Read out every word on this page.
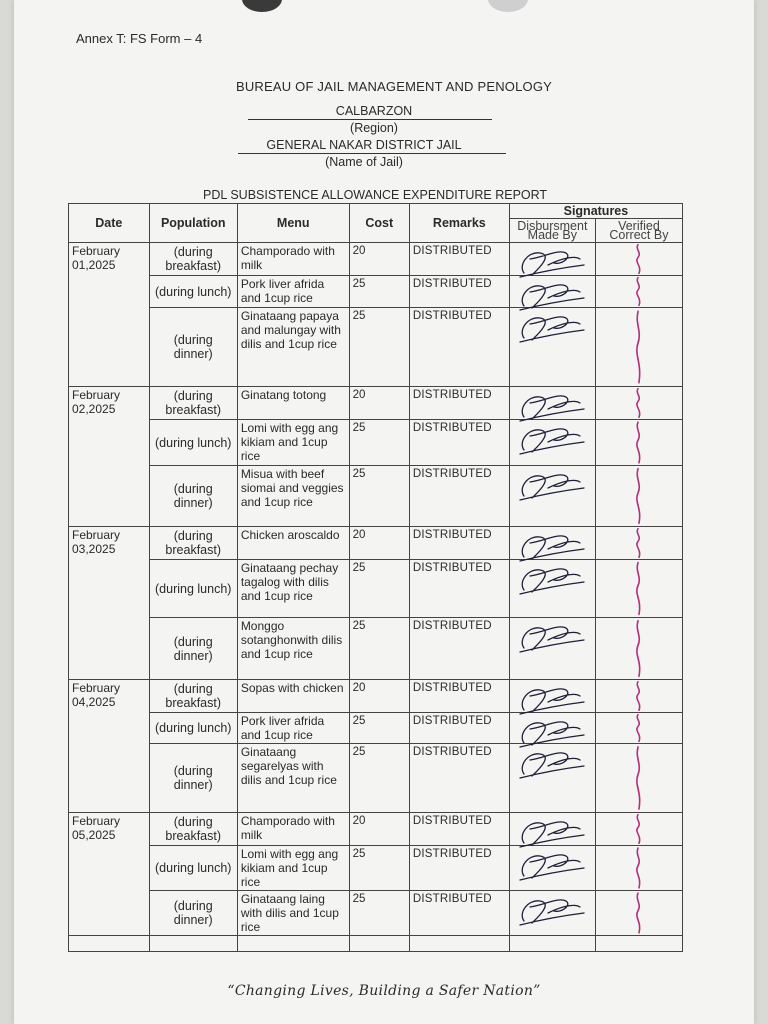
Annex T: FS Form – 4
BUREAU OF JAIL MANAGEMENT AND PENOLOGY
CALBARZON
(Region)
GENERAL NAKAR DISTRICT JAIL
(Name of Jail)
PDL SUBSISTENCE ALLOWANCE EXPENDITURE REPORT
Date	Population	Menu	Cost	Remarks	Signatures	
					Disbursment Made By	Verified Correct By
February 01,2025	(during breakfast)	Champorado with milk	20	DISTRIBUTED	

	(during lunch)	Pork liver afrida and 1cup rice	25	DISTRIBUTED	

	(during dinner)	Ginataang papaya and malungay with dilis and 1cup rice	25	DISTRIBUTED	

February 02,2025	(during breakfast)	Ginatang totong	20	DISTRIBUTED	

	(during lunch)	Lomi with egg ang kikiam and 1cup rice	25	DISTRIBUTED	

	(during dinner)	Misua with beef siomai and veggies and 1cup rice	25	DISTRIBUTED	

February 03,2025	(during breakfast)	Chicken aroscaldo	20	DISTRIBUTED	

	(during lunch)	Ginataang pechay tagalog with dilis and 1cup rice	25	DISTRIBUTED	

	(during dinner)	Monggo sotanghonwith dilis and 1cup rice	25	DISTRIBUTED	

February 04,2025	(during breakfast)	Sopas with chicken	20	DISTRIBUTED	

	(during lunch)	Pork liver afrida and 1cup rice	25	DISTRIBUTED	

	(during dinner)	Ginataang segarelyas with dilis and 1cup rice	25	DISTRIBUTED	

February 05,2025	(during breakfast)	Champorado with milk	20	DISTRIBUTED	

	(during lunch)	Lomi with egg ang kikiam and 1cup rice	25	DISTRIBUTED	

	(during dinner)	Ginataang laing with dilis and 1cup rice	25	DISTRIBUTED	

“Changing Lives, Building a Safer Nation”
